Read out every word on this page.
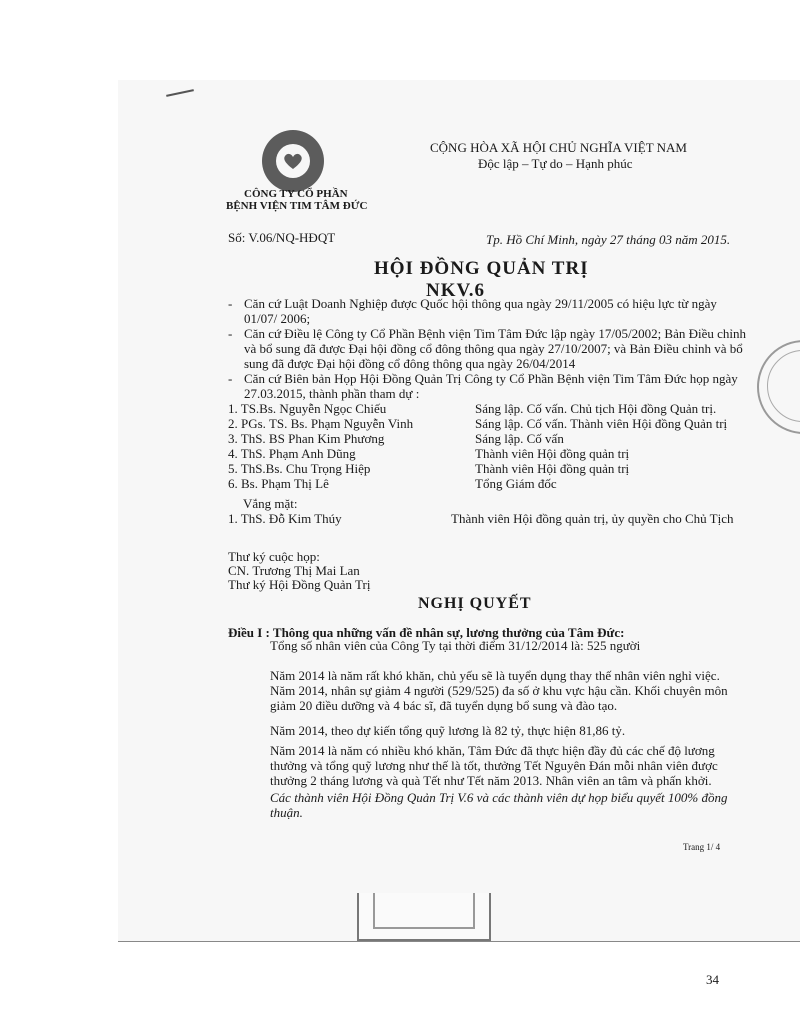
CÔNG TY CỔ PHẦN
BỆNH VIỆN TIM TÂM ĐỨC
CỘNG HÒA XÃ HỘI CHỦ NGHĨA VIỆT NAM
Độc lập – Tự do – Hạnh phúc
Số: V.06/NQ-HĐQT	Tp. Hồ Chí Minh, ngày 27 tháng 03 năm 2015.
HỘI ĐỒNG QUẢN TRỊ
NKV.6
- Căn cứ Luật Doanh Nghiệp được Quốc hội thông qua ngày 29/11/2005 có hiệu lực từ ngày
01/07/ 2006;
- Căn cứ Điều lệ Công ty Cổ Phần Bệnh viện Tim Tâm Đức lập ngày 17/05/2002; Bản Điều chỉnh
và bổ sung đã được Đại hội đồng cổ đông thông qua ngày 27/10/2007; và Bản Điều chỉnh và bổ
sung đã được Đại hội đồng cổ đông thông qua ngày 26/04/2014
- Căn cứ Biên bản Họp Hội Đồng Quản Trị Công ty Cổ Phần Bệnh viện Tim Tâm Đức họp ngày
27.03.2015, thành phần tham dự :
1. TS.Bs. Nguyễn Ngọc Chiếu	Sáng lập. Cố vấn. Chủ tịch Hội đồng Quản trị.
2. PGs. TS. Bs. Phạm Nguyễn Vinh	Sáng lập. Cố vấn. Thành viên Hội đồng Quản trị
3. ThS. BS Phan Kim Phương	Sáng lập. Cố vấn
4. ThS. Phạm Anh Dũng	Thành viên Hội đồng quản trị
5. ThS.Bs. Chu Trọng Hiệp	Thành viên Hội đồng quản trị
6. Bs. Phạm Thị Lê	Tổng Giám đốc
Vắng mặt:
1. ThS. Đỗ Kim Thúy	Thành viên Hội đồng quản trị, ủy quyền cho Chủ Tịch
Thư ký cuộc họp:
CN. Trương Thị Mai Lan
Thư ký Hội Đồng Quản Trị
NGHỊ QUYẾT
Điều I : Thông qua những vấn đề nhân sự, lương thưởng của Tâm Đức:
Tổng số nhân viên của Công Ty tại thời điểm 31/12/2014 là: 525 người
Năm 2014 là năm rất khó khăn, chủ yếu sẽ là tuyển dụng thay thế nhân viên nghỉ việc.
Năm 2014, nhân sự giảm 4 người (529/525) đa số ở khu vực hậu cần. Khối chuyên môn
giảm 20 điều dưỡng và 4 bác sĩ, đã tuyển dụng bổ sung và đào tạo.
Năm 2014, theo dự kiến tổng quỹ lương là 82 tỷ, thực hiện 81,86 tỷ.
Năm 2014 là năm có nhiều khó khăn, Tâm Đức đã thực hiện đầy đủ các chế độ lương
thưởng và tổng quỹ lương như thế là tốt, thưởng Tết Nguyên Đán mỗi nhân viên được
thưởng 2 tháng lương và quà Tết như Tết năm 2013. Nhân viên an tâm và phấn khởi.
Các thành viên Hội Đồng Quản Trị V.6 và các thành viên dự họp biểu quyết 100% đồng
thuận.
Trang 1/ 4
34
